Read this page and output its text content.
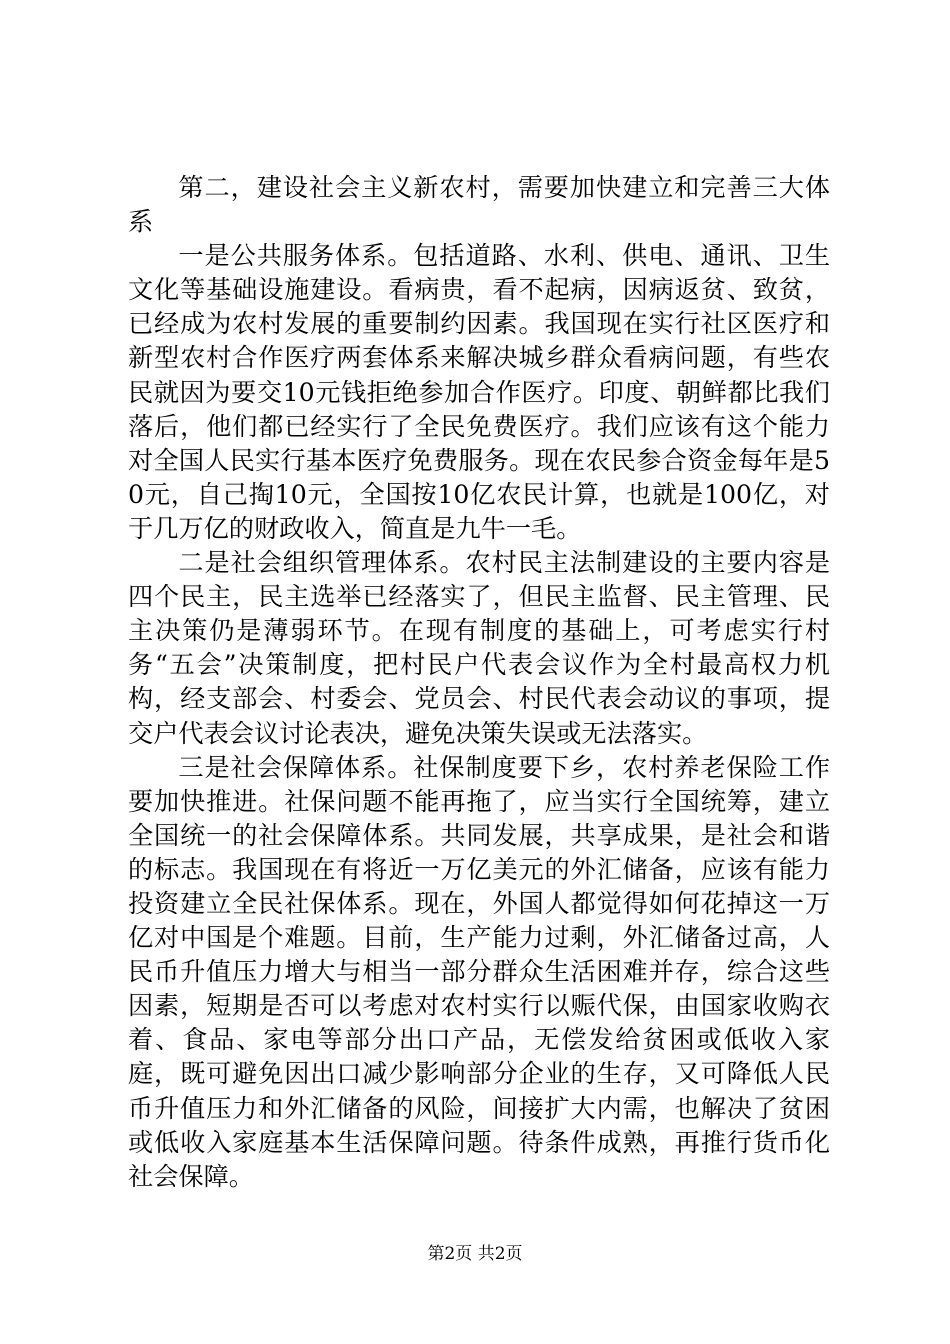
第二，建设社会主义新农村，需要加快建立和完善三大体系

一是公共服务体系。包括道路、水利、供电、通讯、卫生文化等基础设施建设。看病贵，看不起病，因病返贫、致贫，已经成为农村发展的重要制约因素。我国现在实行社区医疗和新型农村合作医疗两套体系来解决城乡群众看病问题，有些农民就因为要交10元钱拒绝参加合作医疗。印度、朝鲜都比我们落后，他们都已经实行了全民免费医疗。我们应该有这个能力对全国人民实行基本医疗免费服务。现在农民参合资金每年是50元，自己掏10元，全国按10亿农民计算，也就是100亿，对于几万亿的财政收入，简直是九牛一毛。

二是社会组织管理体系。农村民主法制建设的主要内容是四个民主，民主选举已经落实了，但民主监督、民主管理、民主决策仍是薄弱环节。在现有制度的基础上，可考虑实行村务“五会”决策制度，把村民户代表会议作为全村最高权力机构，经支部会、村委会、党员会、村民代表会动议的事项，提交户代表会议讨论表决，避免决策失误或无法落实。

三是社会保障体系。社保制度要下乡，农村养老保险工作要加快推进。社保问题不能再拖了，应当实行全国统筹，建立全国统一的社会保障体系。共同发展，共享成果，是社会和谐的标志。我国现在有将近一万亿美元的外汇储备，应该有能力投资建立全民社保体系。现在，外国人都觉得如何花掉这一万亿对中国是个难题。目前，生产能力过剩，外汇储备过高，人民币升值压力增大与相当一部分群众生活困难并存，综合这些因素，短期是否可以考虑对农村实行以赈代保，由国家收购衣着、食品、家电等部分出口产品，无偿发给贫困或低收入家庭，既可避免因出口减少影响部分企业的生存，又可降低人民币升值压力和外汇储备的风险，间接扩大内需，也解决了贫困或低收入家庭基本生活保障问题。待条件成熟，再推行货币化社会保障。

第2页 共2页
